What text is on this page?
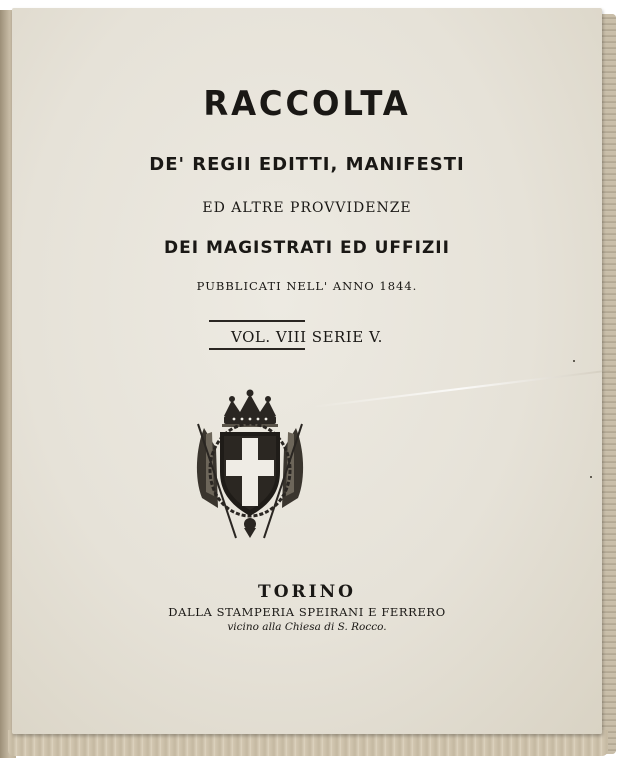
RACCOLTA

DE' REGII EDITTI, MANIFESTI

ED ALTRE PROVVIDENZE

DEI MAGISTRATI ED UFFIZII

PUBBLICATI NELL' ANNO 1844.

VOL. VIII SERIE V.

TORINO

DALLA STAMPERIA SPEIRANI E FERRERO

vicino alla Chiesa di S. Rocco.
